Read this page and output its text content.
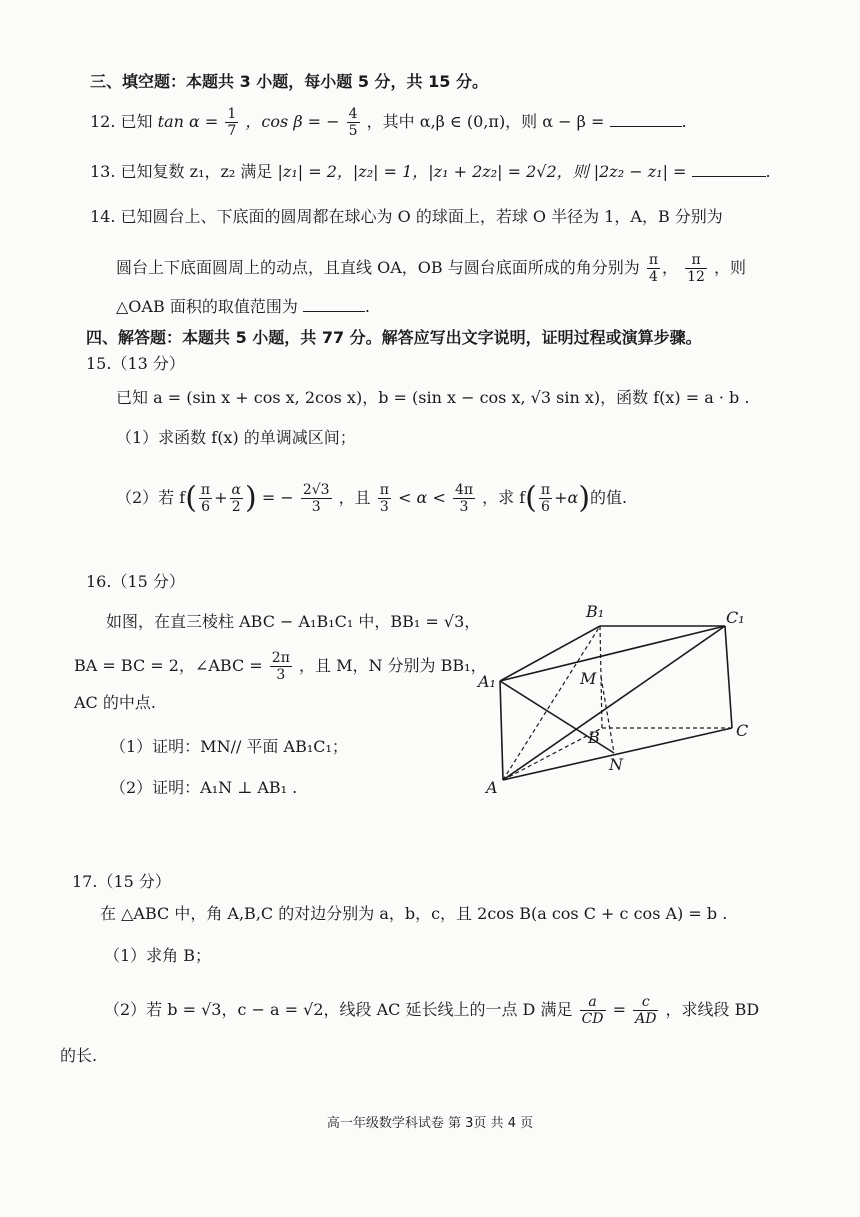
三、填空题：本题共 3 小题，每小题 5 分，共 15 分。
12. 已知 $\tan \alpha = \frac{1}{7}$ ，cos β = − $\frac{4}{5}$ ，其中 α,β ∈ (0,π)，则 α − β =	.
13. 已知复数 z₁，z₂ 满足 |z₁| = 2，|z₂| = 1，|z₁ + 2z₂| = 2√2，则 |2z₂ − z₁| =	.
14. 已知圆台上、下底面的圆周都在球心为 O 的球面上，若球 O 半径为 1，A，B 分别为
圆台上下底面圆周上的动点，且直线 OA，OB 与圆台底面所成的角分别为 $\frac{\pi}{4}$ ， $\frac{\pi}{12}$ ，则
△OAB 面积的取值范围为	.
四、解答题：本题共 5 小题，共 77 分。解答应写出文字说明，证明过程或演算步骤。
15.（13 分）
已知 a = (sin x + cos x, 2cos x)，b = (sin x − cos x, √3 sin x)，函数 f(x) = a · b .
（1）求函数 f(x) 的单调减区间；
（2）若 $f( \frac{\pi}{6} + \frac{\alpha}{2}$ ) = − $\frac{2√3}{3}$ ，且 $\frac{\pi}{3} < \alpha < \frac{4\pi}{3}$ ，求 $f( \frac{\pi}{6} +\alpha)$的值.
16.（15 分）
如图，在直三棱柱 ABC − A₁B₁C₁ 中，BB₁ = √3，
BA = BC = 2，∠ABC = $\frac{2\pi}{3}$ ，且 M，N 分别为 BB₁，
AC 的中点.
（1）证明：MN// 平面 AB₁C₁；
（2）证明：A₁N ⊥ AB₁ .
B₁	C₁
A₁	M
B	C
N
A
17.（15 分）
在 △ABC 中，角 A,B,C 的对边分别为 a，b，c，且 2cos B(a cos C + c cos A) = b .
（1）求角 B；
（2）若 b = √3，c − a = √2，线段 AC 延长线上的一点 D 满足 $\frac{a}{CD} = \frac{c}{AD}$ ，求线段 BD
的长.
高一年级数学科试卷 第 3页 共 4 页
